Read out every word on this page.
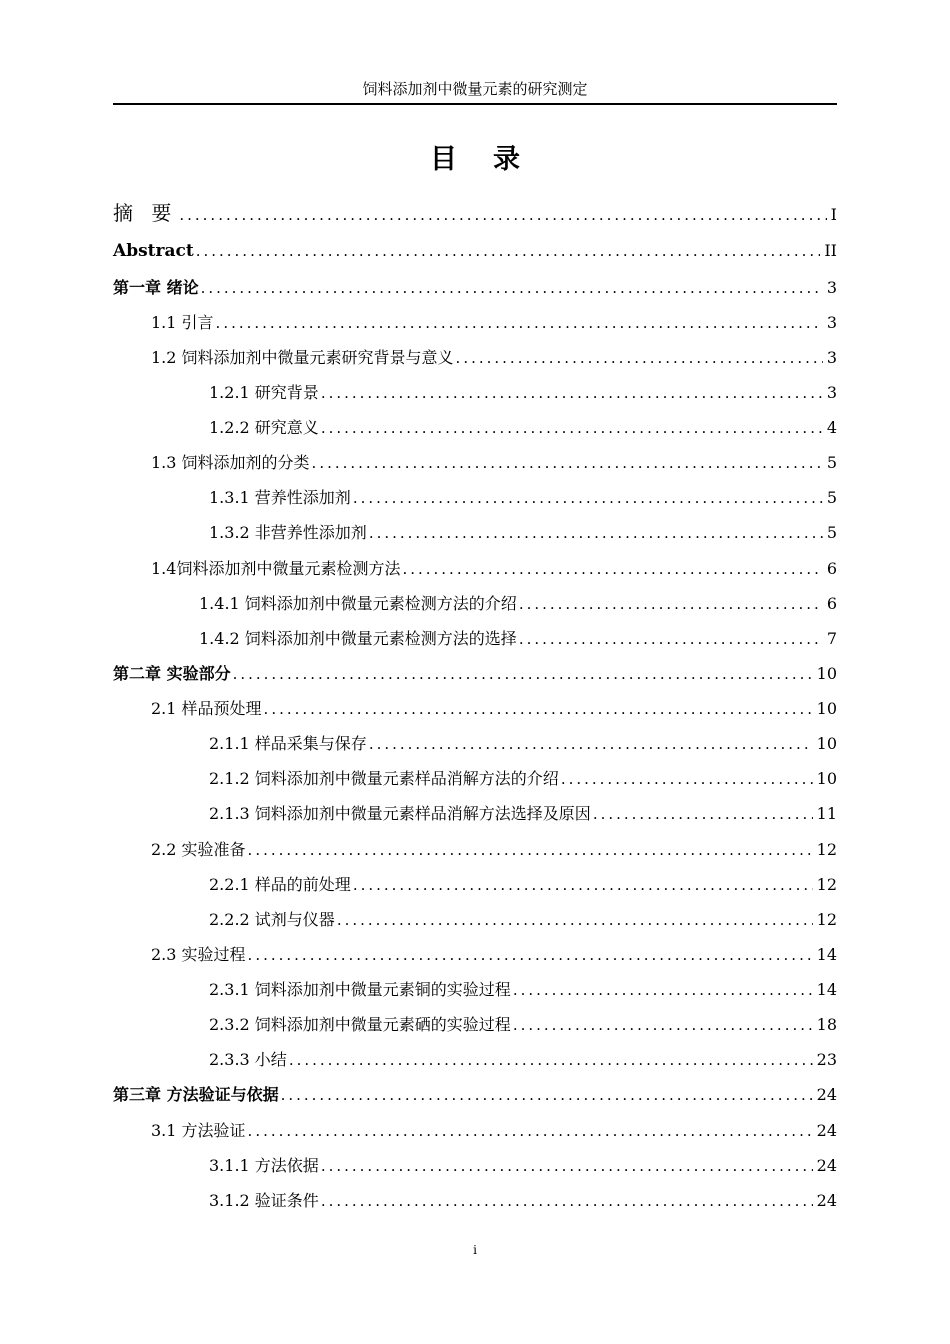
饲料添加剂中微量元素的研究测定
目录
摘 要 .....	I
Abstract .....	II
第一章 绪论 .....	3
1.1 引言 .....	3
1.2 饲料添加剂中微量元素研究背景与意义 .....	3
1.2.1 研究背景 .....	3
1.2.2 研究意义 .....	4
1.3 饲料添加剂的分类 .....	5
1.3.1 营养性添加剂 .....	5
1.3.2 非营养性添加剂 .....	5
1.4饲料添加剂中微量元素检测方法 .....	6
1.4.1 饲料添加剂中微量元素检测方法的介绍 .....	6
1.4.2 饲料添加剂中微量元素检测方法的选择 .....	7
第二章 实验部分 .....	10
2.1 样品预处理 .....	10
2.1.1 样品采集与保存 .....	10
2.1.2 饲料添加剂中微量元素样品消解方法的介绍 .....	10
2.1.3 饲料添加剂中微量元素样品消解方法选择及原因 .....	11
2.2 实验准备 .....	12
2.2.1 样品的前处理 .....	12
2.2.2 试剂与仪器 .....	12
2.3 实验过程 .....	14
2.3.1 饲料添加剂中微量元素铜的实验过程 .....	14
2.3.2 饲料添加剂中微量元素硒的实验过程 .....	18
2.3.3 小结 .....	23
第三章 方法验证与依据 .....	24
3.1 方法验证 .....	24
3.1.1 方法依据 .....	24
3.1.2 验证条件 .....	24
i
